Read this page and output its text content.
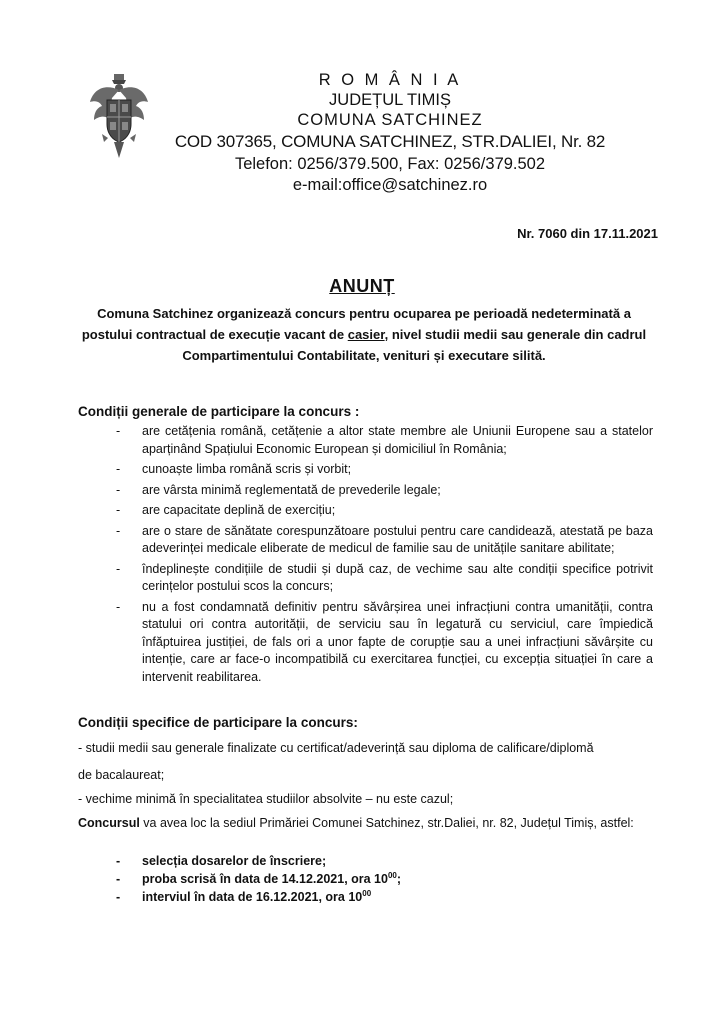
R O M Â N I A
JUDEȚUL TIMIȘ
COMUNA SATCHINEZ
COD 307365, COMUNA SATCHINEZ, STR.DALIEI, Nr. 82
Telefon: 0256/379.500, Fax: 0256/379.502
e-mail:office@satchinez.ro
Nr. 7060 din 17.11.2021
ANUNȚ
Comuna Satchinez organizează concurs pentru ocuparea pe perioadă nedeterminată a postului contractual de execuție vacant de casier, nivel studii medii sau generale din cadrul Compartimentului Contabilitate, venituri și executare silită.
Condiții generale de participare la concurs :
- are cetățenia română, cetățenie a altor state membre ale Uniunii Europene sau a statelor aparținând Spațiului Economic European și domiciliul în România;
- cunoaște limba română scris și vorbit;
- are vârsta minimă reglementată de prevederile legale;
- are capacitate deplină de exercițiu;
- are o stare de sănătate corespunzătoare postului pentru care candidează, atestată pe baza adeverinței medicale eliberate de medicul de familie sau de unitățile sanitare abilitate;
- îndeplinește condițiile de studii și după caz, de vechime sau alte condiții specifice potrivit cerințelor postului scos la concurs;
- nu a fost condamnată definitiv pentru săvârșirea unei infracțiuni contra umanității, contra statului ori contra autorității, de serviciu sau în legatură cu serviciul, care împiedică înfăptuirea justiției, de fals ori a unor fapte de corupție sau a unei infracțiuni săvârșite cu intenție, care ar face-o incompatibilă cu exercitarea funcției, cu excepția situației în care a intervenit reabilitarea.
Condiții specifice de participare la concurs:
- studii medii sau generale finalizate cu certificat/adeverință sau diploma de calificare/diplomă
de bacalaureat;
- vechime minimă în specialitatea studiilor absolvite – nu este cazul;
Concursul va avea loc la sediul Primăriei Comunei Satchinez, str.Daliei, nr. 82, Județul Timiș, astfel:
- selecția dosarelor de înscriere;
- proba scrisă în data de 14.12.2021, ora $10^{00}$;
- interviul în data de 16.12.2021, ora $10^{00}$
